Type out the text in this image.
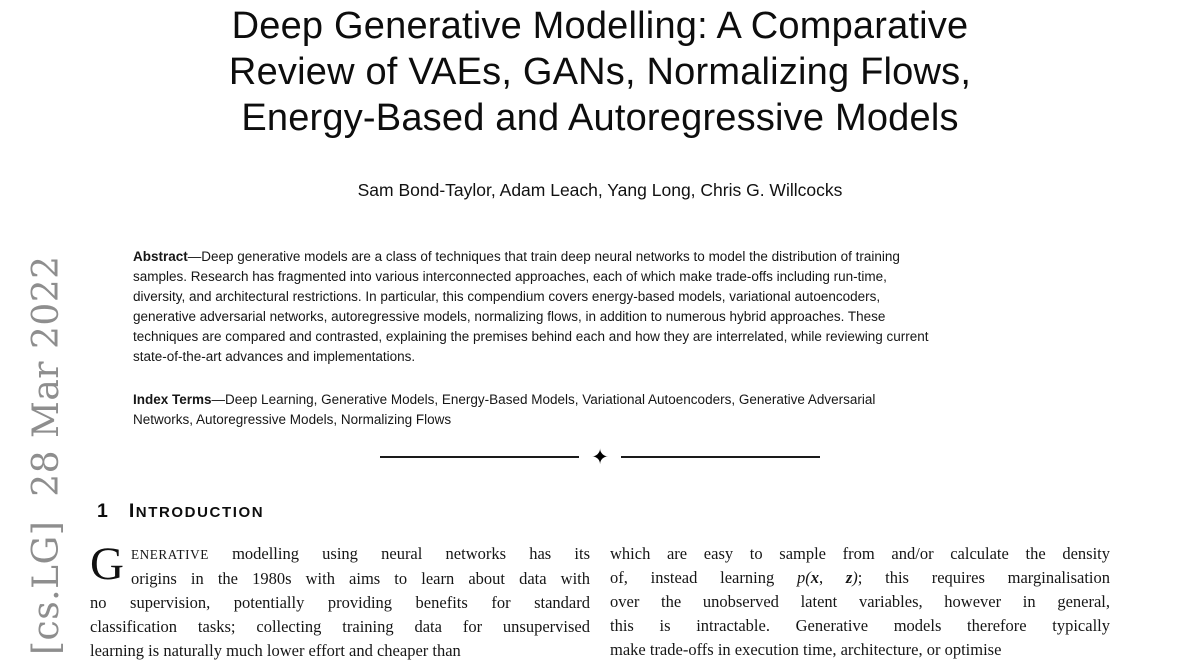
[cs.LG]  28 Mar 2022
Deep Generative Modelling: A Comparative
Review of VAEs, GANs, Normalizing Flows,
Energy-Based and Autoregressive Models
Sam Bond-Taylor, Adam Leach, Yang Long, Chris G. Willcocks
Abstract—Deep generative models are a class of techniques that train deep neural networks to model the distribution of training
samples. Research has fragmented into various interconnected approaches, each of which make trade-offs including run-time,
diversity, and architectural restrictions. In particular, this compendium covers energy-based models, variational autoencoders,
generative adversarial networks, autoregressive models, normalizing flows, in addition to numerous hybrid approaches. These
techniques are compared and contrasted, explaining the premises behind each and how they are interrelated, while reviewing current
state-of-the-art advances and implementations.
Index Terms—Deep Learning, Generative Models, Energy-Based Models, Variational Autoencoders, Generative Adversarial
Networks, Autoregressive Models, Normalizing Flows
✦
1 INTRODUCTION
G ENERATIVE modelling using neural networks has its
origins in the 1980s with aims to learn about data with
no supervision, potentially providing benefits for standard
classification tasks; collecting training data for unsupervised
learning is naturally much lower effort and cheaper than
which are easy to sample from and/or calculate the density
of, instead learning p(x, z); this requires marginalisation
over the unobserved latent variables, however in general,
this is intractable. Generative models therefore typically
make trade-offs in execution time, architecture, or optimise
